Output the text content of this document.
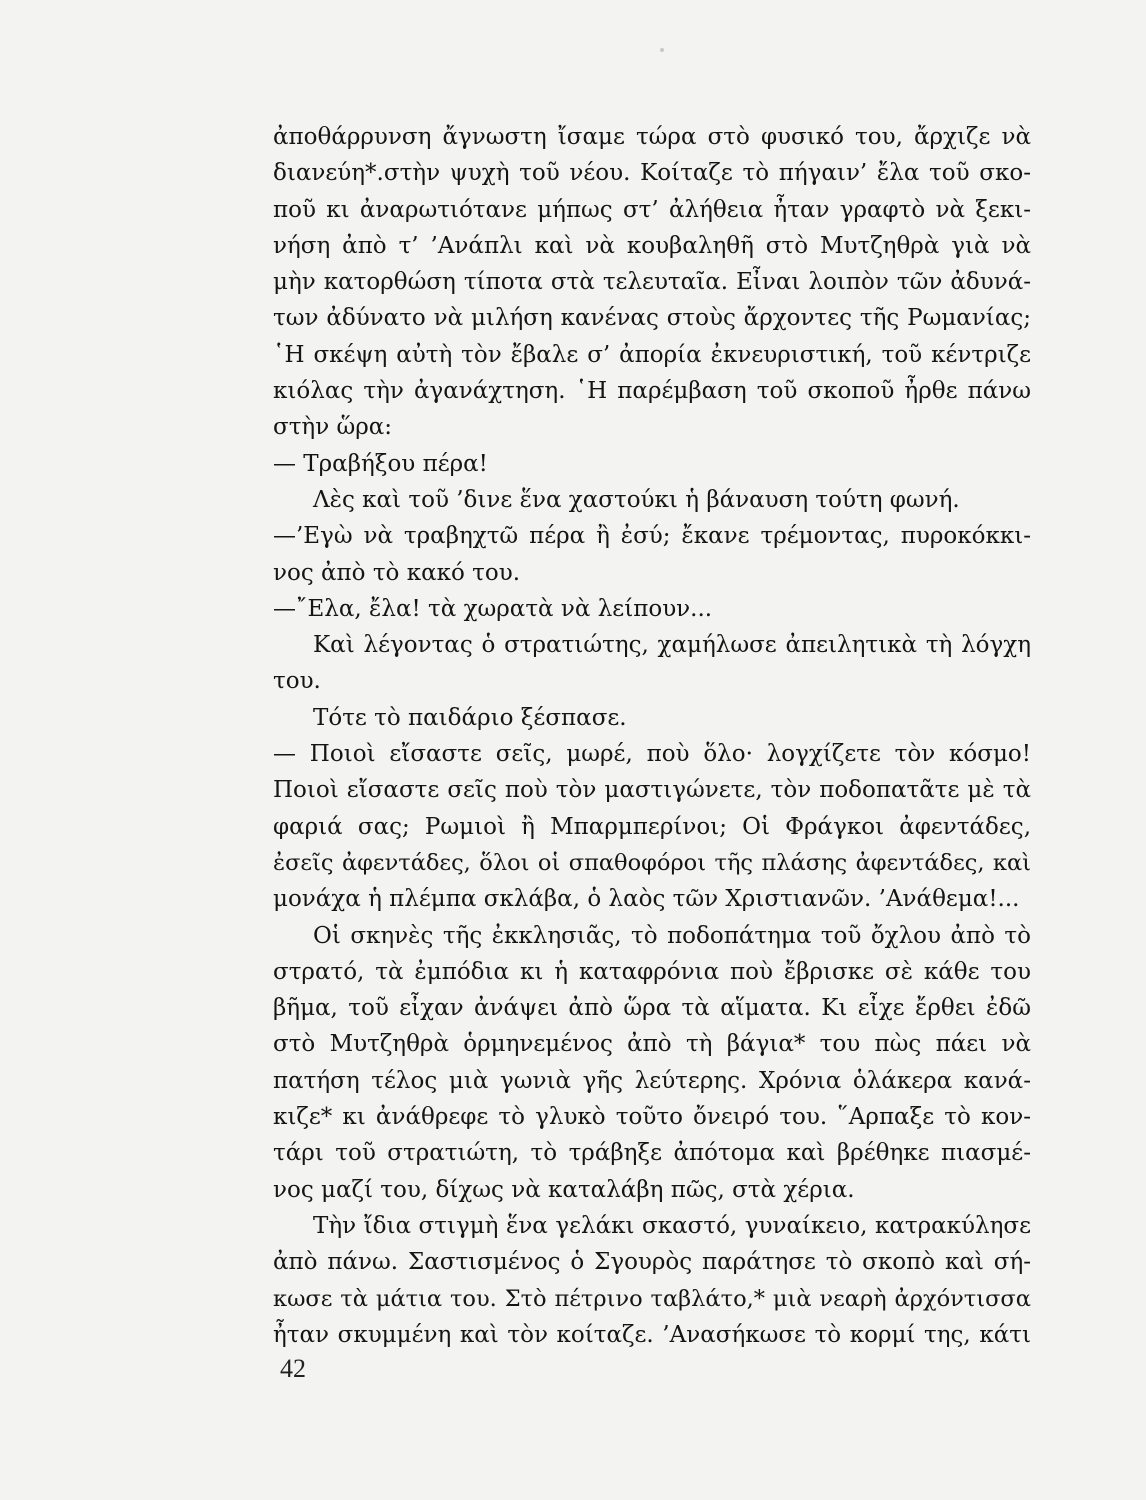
ἀποθάρρυνση ἄγνωστη ἴσαμε τώρα στὸ φυσικό του, ἄρχιζε νὰ
διανεύη*.στὴν ψυχὴ τοῦ νέου. Κοίταζε τὸ πήγαιν’ ἔλα τοῦ σκο-
ποῦ κι ἀναρωτιότανε μήπως στ’ ἀλήθεια ἦταν γραφτὸ νὰ ξεκι-
νήση ἀπὸ τ’ ’Ανάπλι καὶ νὰ κουβαληθῆ στὸ Μυτζηθρὰ γιὰ νὰ
μὴν κατορθώση τίποτα στὰ τελευταῖα. Εἶναι λοιπὸν τῶν ἀδυνά-
των ἀδύνατο νὰ μιλήση κανένας στοὺς ἄρχοντες τῆς Ρωμανίας;
῾Η σκέψη αὐτὴ τὸν ἔβαλε σ’ ἀπορία ἐκνευριστική, τοῦ κέντριζε
κιόλας τὴν ἀγανάχτηση. ῾Η παρέμβαση τοῦ σκοποῦ ἦρθε πάνω
στὴν ὥρα:
— Τραβήξου πέρα!
Λὲς καὶ τοῦ ’δινε ἕνα χαστούκι ἡ βάναυση τούτη φωνή.
—’Εγὼ νὰ τραβηχτῶ πέρα ἢ ἐσύ; ἔκανε τρέμοντας, πυροκόκκι-
νος ἀπὸ τὸ κακό του.
—῎Ελα, ἔλα! τὰ χωρατὰ νὰ λείπουν...
Καὶ λέγοντας ὁ στρατιώτης, χαμήλωσε ἀπειλητικὰ τὴ λόγχη
του.
Τότε τὸ παιδάριο ξέσπασε.
— Ποιοὶ εἴσαστε σεῖς, μωρέ, ποὺ ὅλο· λογχίζετε τὸν κόσμο!
Ποιοὶ εἴσαστε σεῖς ποὺ τὸν μαστιγώνετε, τὸν ποδοπατᾶτε μὲ τὰ
φαριά σας; Ρωμιοὶ ἢ Μπαρμπερίνοι; Οἱ Φράγκοι ἀφεντάδες,
ἐσεῖς ἀφεντάδες, ὅλοι οἱ σπαθοφόροι τῆς πλάσης ἀφεντάδες, καὶ
μονάχα ἡ πλέμπα σκλάβα, ὁ λαὸς τῶν Χριστιανῶν. ’Ανάθεμα!...
Οἱ σκηνὲς τῆς ἐκκλησιᾶς, τὸ ποδοπάτημα τοῦ ὄχλου ἀπὸ τὸ
στρατό, τὰ ἐμπόδια κι ἡ καταφρόνια ποὺ ἔβρισκε σὲ κάθε του
βῆμα, τοῦ εἶχαν ἀνάψει ἀπὸ ὥρα τὰ αἵματα. Κι εἶχε ἔρθει ἐδῶ
στὸ Μυτζηθρὰ ὁρμηνεμένος ἀπὸ τὴ βάγια* του πὼς πάει νὰ
πατήση τέλος μιὰ γωνιὰ γῆς λεύτερης. Χρόνια ὁλάκερα κανά-
κιζε* κι ἀνάθρεφε τὸ γλυκὸ τοῦτο ὄνειρό του. ῞Αρπαξε τὸ κον-
τάρι τοῦ στρατιώτη, τὸ τράβηξε ἀπότομα καὶ βρέθηκε πιασμέ-
νος μαζί του, δίχως νὰ καταλάβη πῶς, στὰ χέρια.
Τὴν ἴδια στιγμὴ ἕνα γελάκι σκαστό, γυναίκειο, κατρακύλησε
ἀπὸ πάνω. Σαστισμένος ὁ Σγουρὸς παράτησε τὸ σκοπὸ καὶ σή-
κωσε τὰ μάτια του. Στὸ πέτρινο ταβλάτο,* μιὰ νεαρὴ ἀρχόντισσα
ἦταν σκυμμένη καὶ τὸν κοίταζε. ’Ανασήκωσε τὸ κορμί της, κάτι
42
